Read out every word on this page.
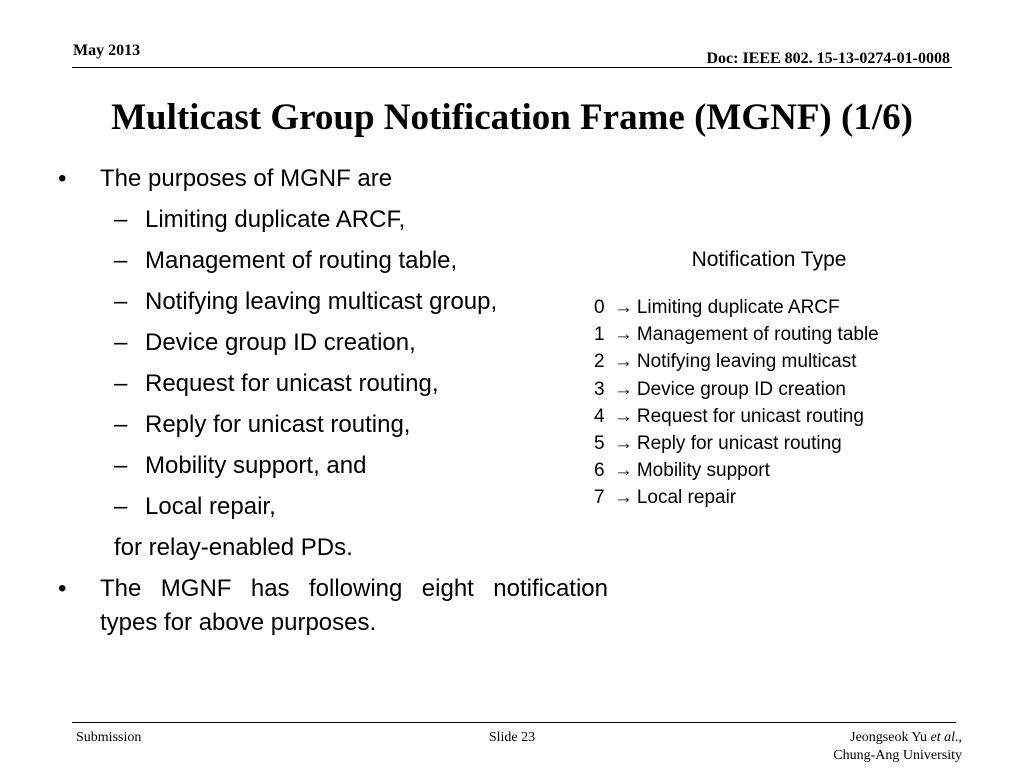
May 2013	Doc: IEEE 802. 15-13-0274-01-0008
Multicast Group Notification Frame (MGNF) (1/6)
• The purposes of MGNF are
– Limiting duplicate ARCF,
– Management of routing table,
– Notifying leaving multicast group,
– Device group ID creation,
– Request for unicast routing,
– Reply for unicast routing,
– Mobility support, and
– Local repair,
for relay-enabled PDs.
• The MGNF has following eight notification types for above purposes.
Notification Type
0 → Limiting duplicate ARCF
1 → Management of routing table
2 → Notifying leaving multicast
3 → Device group ID creation
4 → Request for unicast routing
5 → Reply for unicast routing
6 → Mobility support
7 → Local repair
Submission	Slide 23	Jeongseok Yu et al.,
Chung-Ang University
